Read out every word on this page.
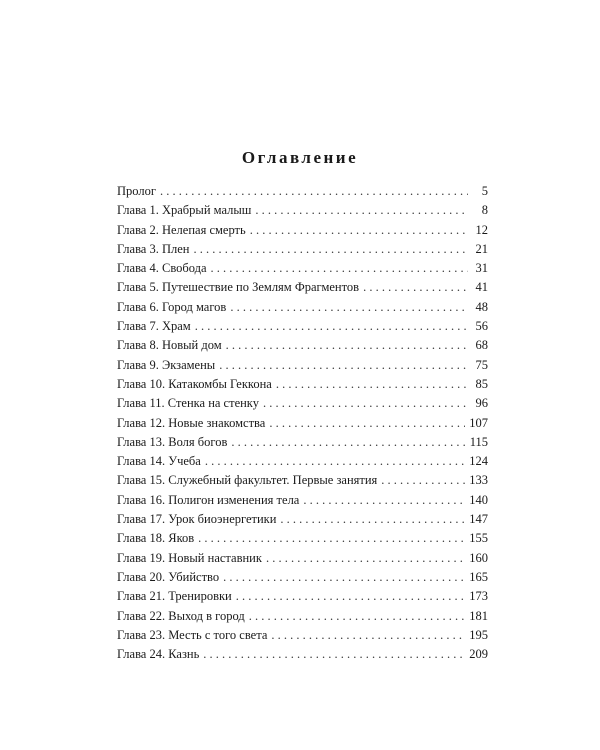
Оглавление
Пролог . . .	5
Глава 1. Храбрый малыш . . .	8
Глава 2. Нелепая смерть . . .	12
Глава 3. Плен . . .	21
Глава 4. Свобода . . .	31
Глава 5. Путешествие по Землям Фрагментов . . .	41
Глава 6. Город магов . . .	48
Глава 7. Храм . . .	56
Глава 8. Новый дом . . .	68
Глава 9. Экзамены . . .	75
Глава 10. Катакомбы Гекконa . . .	85
Глава 11. Стенка на стенку . . .	96
Глава 12. Новые знакомства . . .	107
Глава 13. Воля богов . . .	115
Глава 14. Учеба . . .	124
Глава 15. Служебный факультет. Первые занятия . . .	133
Глава 16. Полигон изменения тела . . .	140
Глава 17. Урок биоэнергетики . . .	147
Глава 18. Яков . . .	155
Глава 19. Новый наставник . . .	160
Глава 20. Убийство . . .	165
Глава 21. Тренировки . . .	173
Глава 22. Выход в город . . .	181
Глава 23. Месть с того света . . .	195
Глава 24. Казнь . . .	209
